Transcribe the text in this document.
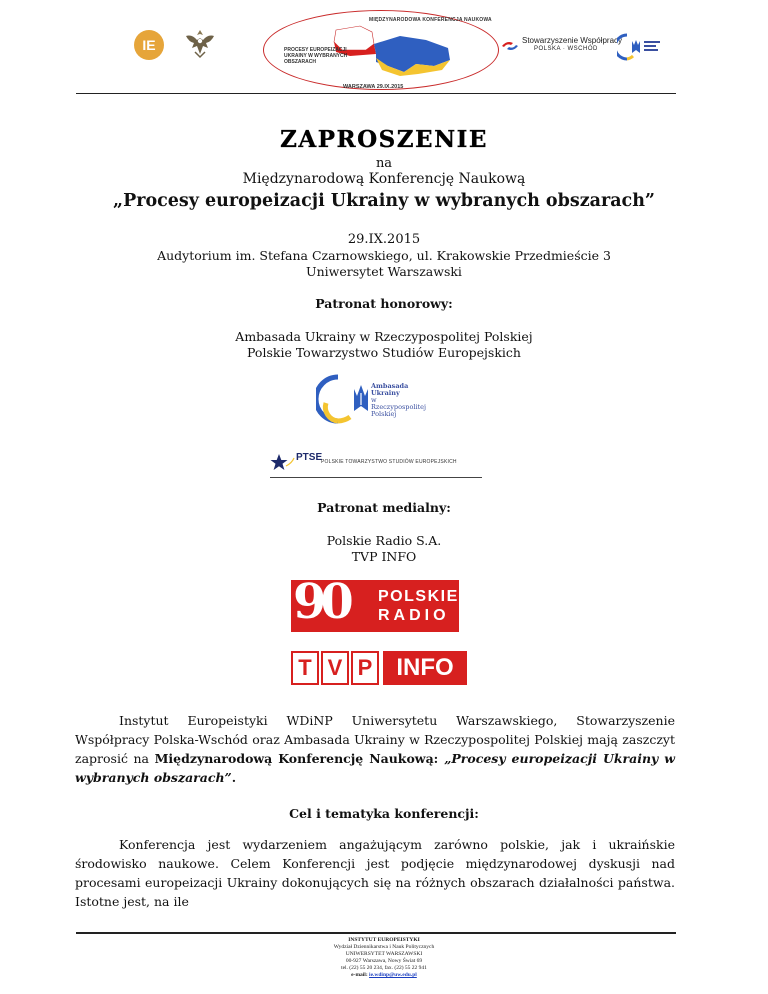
IE
MIĘDZYNARODOWA KONFERENCJA NAUKOWA
PROCESY EUROPEIZACJI UKRAINY W WYBRANYCH OBSZARACH
WARSZAWA 29.IX.2015
Stowarzyszenie Współpracy
POLSKA · WSCHÓD
ZAPROSZENIE
na
Międzynarodową Konferencję Naukową
„Procesy europeizacji Ukrainy w wybranych obszarach”
29.IX.2015
Audytorium im. Stefana Czarnowskiego, ul. Krakowskie Przedmieście 3
Uniwersytet Warszawski
Patronat honorowy:
Ambasada Ukrainy w Rzeczypospolitej Polskiej
Polskie Towarzystwo Studiów Europejskich
Ambasada
Ukrainy
w
Rzeczypospolitej
Polskiej
PTSE
POLSKIE TOWARZYSTWO STUDIÓW EUROPEJSKICH
Patronat medialny:
Polskie Radio S.A.
TVP INFO
90 POLSKIE
RADIO
T V P INFO
Instytut Europeistyki WDiNP Uniwersytetu Warszawskiego, Stowarzyszenie Współpracy Polska-Wschód oraz Ambasada Ukrainy w Rzeczypospolitej Polskiej mają zaszczyt zaprosić na Międzynarodową Konferencję Naukową: „Procesy europeizacji Ukrainy w wybranych obszarach”.
Cel i tematyka konferencji:
Konferencja jest wydarzeniem angażującym zarówno polskie, jak i ukraińskie środowisko naukowe. Celem Konferencji jest podjęcie międzynarodowej dyskusji nad procesami europeizacji Ukrainy dokonujących się na różnych obszarach działalności państwa. Istotne jest, na ile
INSTYTUT EUROPEISTYKI
Wydział Dziennikarstwa i Nauk Politycznych
UNIWERSYTET WARSZAWSKI
00-927 Warszawa, Nowy Świat 69
tel. (22) 55 20 234, fax. (22) 55 22 941
e-mail: ie.wdinp@uw.edu.pl
